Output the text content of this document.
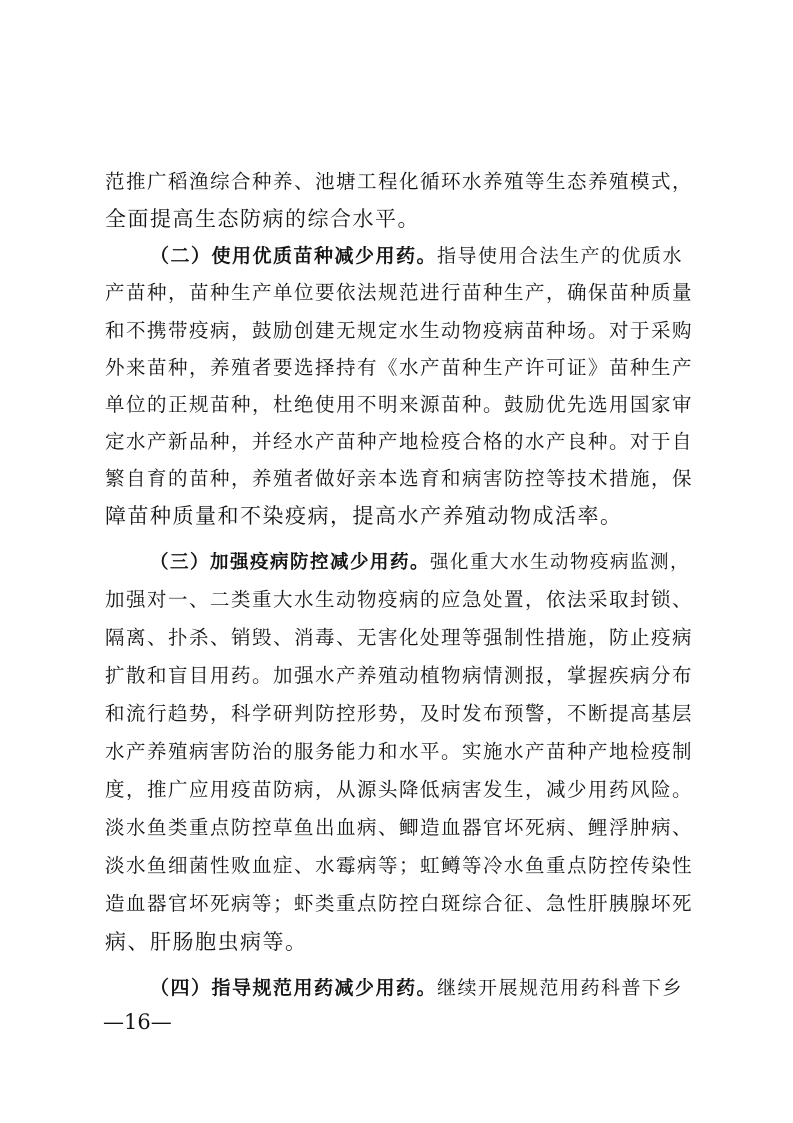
范推广稻渔综合种养、池塘工程化循环水养殖等生态养殖模式，
全面提高生态防病的综合水平。
（二）使用优质苗种减少用药。指导使用合法生产的优质水
产苗种，苗种生产单位要依法规范进行苗种生产，确保苗种质量
和不携带疫病，鼓励创建无规定水生动物疫病苗种场。对于采购
外来苗种，养殖者要选择持有《水产苗种生产许可证》苗种生产
单位的正规苗种，杜绝使用不明来源苗种。鼓励优先选用国家审
定水产新品种，并经水产苗种产地检疫合格的水产良种。对于自
繁自育的苗种，养殖者做好亲本选育和病害防控等技术措施，保
障苗种质量和不染疫病，提高水产养殖动物成活率。
（三）加强疫病防控减少用药。强化重大水生动物疫病监测，
加强对一、二类重大水生动物疫病的应急处置，依法采取封锁、
隔离、扑杀、销毁、消毒、无害化处理等强制性措施，防止疫病
扩散和盲目用药。加强水产养殖动植物病情测报，掌握疾病分布
和流行趋势，科学研判防控形势，及时发布预警，不断提高基层
水产养殖病害防治的服务能力和水平。实施水产苗种产地检疫制
度，推广应用疫苗防病，从源头降低病害发生，减少用药风险。
淡水鱼类重点防控草鱼出血病、鲫造血器官坏死病、鲤浮肿病、
淡水鱼细菌性败血症、水霉病等；虹鳟等冷水鱼重点防控传染性
造血器官坏死病等；虾类重点防控白斑综合征、急性肝胰腺坏死
病、肝肠胞虫病等。
（四）指导规范用药减少用药。继续开展规范用药科普下乡
—16—
